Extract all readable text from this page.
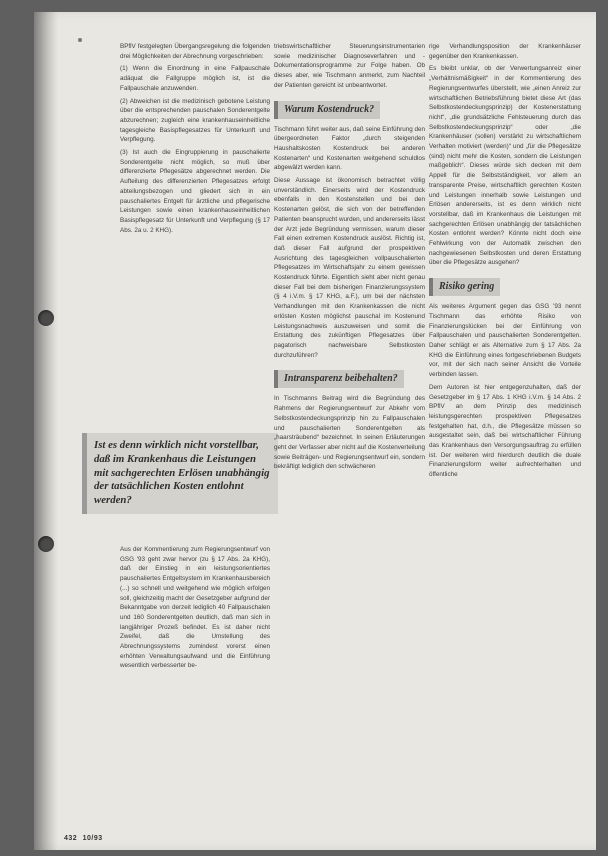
BPflV festgelegten Übergangsregelung die folgenden drei Möglichkeiten der Abrechnung vorgeschrieben:

(1) Wenn die Einordnung in eine Fallpauschale adäquat die Fallgruppe möglich ist, ist die Fallpauschale anzuwenden.

(2) Abweichen ist die medizinisch gebotene Leistung über die entsprechenden pauschalen Sonderentgelte abzurechnen; zugleich eine krankenhauseinheitliche tagesgleiche Basispflegesatzes für Unterkunft und Verpflegung.

(3) Ist auch die Eingruppierung in pauschalierte Sonderentgelte nicht möglich, so muß über differenzierte Pflegesätze abgerechnet werden. Die Aufteilung des differenzierten Pflegesatzes erfolgt abteilungsbezogen und gliedert sich in ein pauschaliertes Entgelt für ärztliche und pflegerische Leistungen sowie einen krankenhauseinheitlichen Basispflegesatz für Unterkunft und Verpflegung (§ 17 Abs. 2a u. 2 KHG).

Ist es denn wirklich nicht vorstellbar, daß im Krankenhaus die Leistungen mit sachgerechten Erlösen unabhängig der tatsächlichen Kosten entlohnt werden?

Aus der Kommentierung zum Regierungsentwurf von GSG '93 geht zwar hervor (zu § 17 Abs. 2a KHG), daß der Einstieg in ein leistungsorientiertes pauschaliertes Entgeltsystem im Krankenhausbereich (...) so schnell und weitgehend wie möglich erfolgen soll, gleichzeitig macht der Gesetzgeber aufgrund der Bekanntgabe von derzeit lediglich 40 Fallpauschalen und 160 Sonderentgelten deutlich, daß man sich in langjähriger Prozeß befindet. Es ist daher nicht Zweifel, daß die Umstellung des Abrechnungssystems zumindest vorerst einen erhöhten Verwaltungsaufwand und die Einführung wesentlich verbesserter be-

triebswirtschaftlicher Steuerungsinstrumentarien sowie medizinischer Diagnoseverfahren und -Dokumentationsprogramme zur Folge haben. Ob dieses aber, wie Tischmann anmerkt, zum Nachteil der Patienten gereicht ist unbeantwortet.

Warum Kostendruck?

Tischmann führt weiter aus, daß seine Einführung den übergeordneten Faktor „durch steigenden Haushaltskosten Kostendruck bei anderen Kostenarten“ und Kostenarten weitgehend schuldlos abgewälzt werden kann.

Diese Aussage ist ökonomisch betrachtet völlig unverständlich. Einerseits wird der Kostendruck ebenfalls in den Kostenstellen und bei den Kostenarten gelöst, die sich von der betreffenden Patienten beansprucht wurden, und andererseits lässt der Arzt jede Begründung vermissen, warum dieser Fall einen extremen Kostendruck auslöst. Richtig ist, daß dieser Fall aufgrund der prospektiven Ausrichtung des tagesgleichen vollpauschalierten Pflegesatzes im Wirtschaftsjahr zu einem gewissen Kostendruck führte. Eigentlich sieht aber nicht genau dieser Fall bei dem bisherigen Finanzierungssystem (§ 4 i.V.m. § 17 KHG, a.F.), um bei der nächsten Verhandlungen mit den Krankenkassen die nicht erlösten Kosten möglichst pauschal im Kostenund Leistungsnachweis auszuweisen und somit die Erstattung des zukünftigen Pflegesatzes über pagatorisch nachweisbare Selbstkosten durchzuführen?

Intransparenz beibehalten?

In Tischmanns Beitrag wird die Begründung des Rahmens der Regierungsentwurf zur Abkehr vom Selbstkostendeckungsprinzip hin zu Fallpauschalen und pauschalierten Sonderentgelten als „haarsträubend“ bezeichnet. In seinen Erläuterungen geht der Verfasser aber nicht auf die Kostenverteilung sowie Beiträgen- und Regierungsentwurf ein, sondern bekräftigt lediglich den schwächeren

rige Verhandlungsposition der Krankenhäuser gegenüber den Krankenkassen.

Es bleibt unklar, ob der Verwertungsanreiz einer „Verhältnismäßigkeit“ in der Kommentierung des Regierungsentwurfes überstellt, wie „einen Anreiz zur wirtschaftlichen Betriebsführung bietet diese Art (das Selbstkostendeckungsprinzip) der Kostenerstattung nicht“, „die grundsätzliche Fehlsteuerung durch das Selbstkostendeckungsprinzip“ oder „die Krankenhäuser (sollen) verstärkt zu wirtschaftlichem Verhalten motiviert (werden)“ und „für die Pflegesätze (sind) nicht mehr die Kosten, sondern die Leistungen maßgeblich“. Dieses würde sich decken mit dem Appell für die Selbstständigkeit, vor allem an transparente Preise, wirtschaftlich gerechten Kosten und Leistungen innerhalb sowie Leistungen und Erlösen andererseits, ist es denn wirklich nicht vorstellbar, daß im Krankenhaus die Leistungen mit sachgerechten Erlösen unabhängig der tatsächlichen Kosten entlohnt werden? Könnte nicht doch eine Fehlwirkung von der Automatik zwischen den nachgewiesenen Selbstkosten und deren Erstattung über die Pflegesätze ausgehen?

Risiko gering

Als weiteres Argument gegen das GSG '93 nennt Tischmann das erhöhte Risiko von Finanzierungslücken bei der Einführung von Fallpauschalen und pauschalierten Sonderentgelten. Daher schlägt er als Alternative zum § 17 Abs. 2a KHG die Einführung eines fortgeschriebenen Budgets vor, mit der sich nach seiner Ansicht die Vorteile verbinden lassen.

Dem Autoren ist hier entgegenzuhalten, daß der Gesetzgeber im § 17 Abs. 1 KHG i.V.m. § 14 Abs. 2 BPflV an dem Prinzip des medizinisch leistungsgerechten prospektiven Pflegesatzes festgehalten hat, d.h., die Pflegesätze müssen so ausgestaltet sein, daß bei wirtschaftlicher Führung das Krankenhaus den Versorgungsauftrag zu erfüllen ist. Der weiteren wird hierdurch deutlich die duale Finanzierungsform weiter aufrechterhalten und öffentliche

432 10/93
